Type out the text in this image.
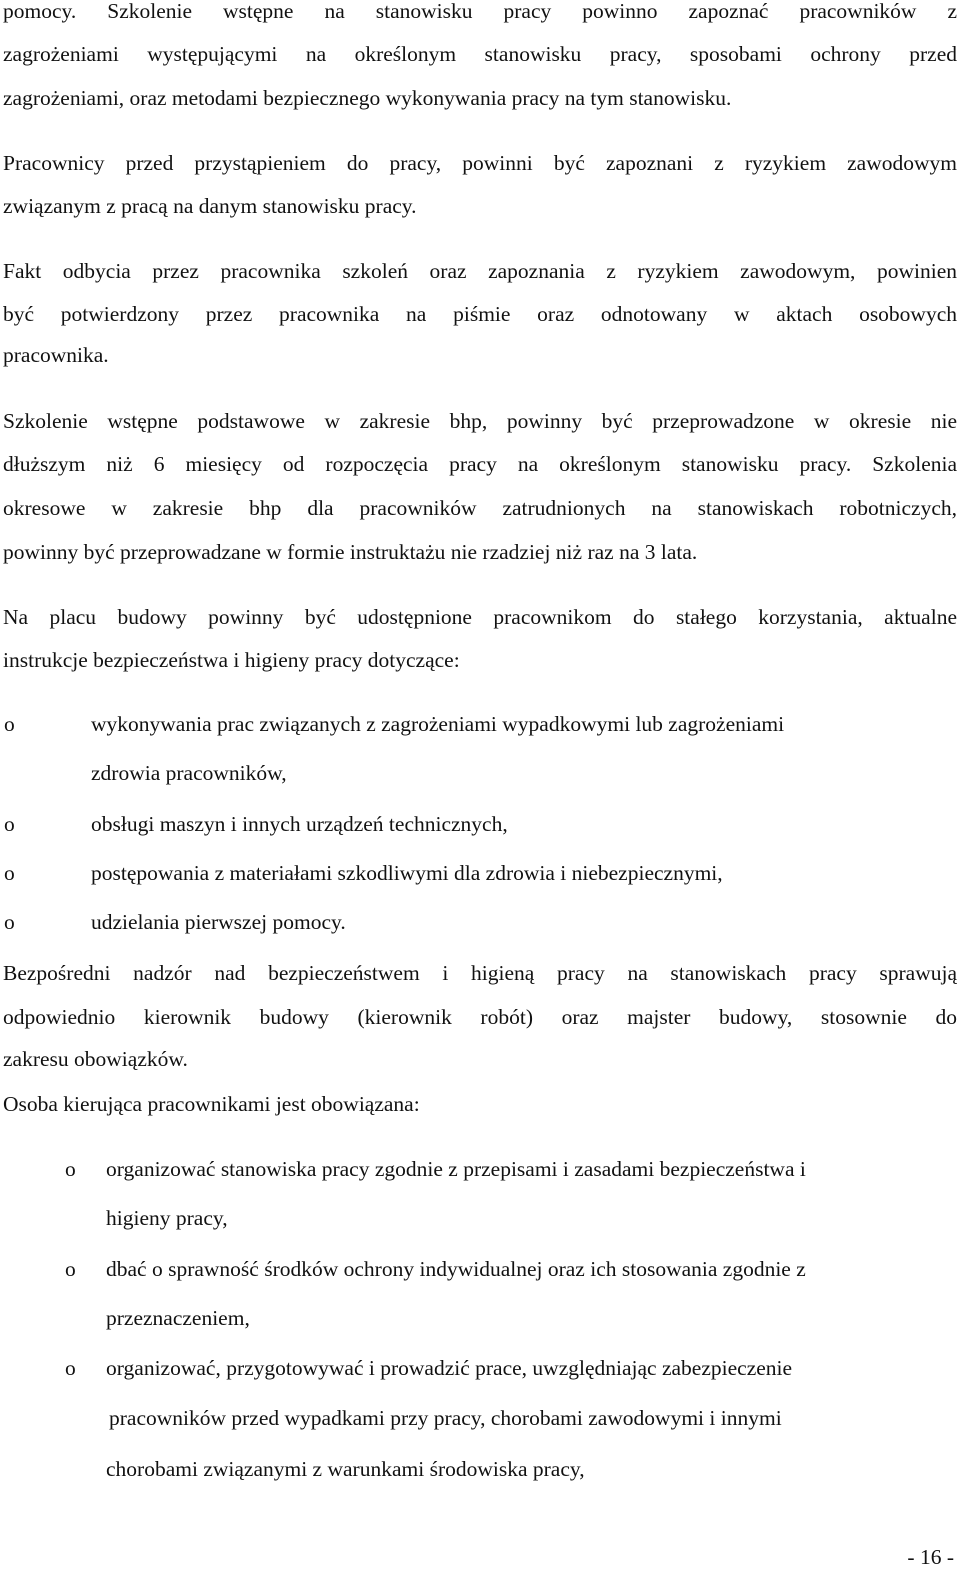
pomocy. Szkolenie wstępne na stanowisku pracy powinno zapoznać pracowników z
zagrożeniami występującymi na określonym stanowisku pracy, sposobami ochrony przed
zagrożeniami, oraz metodami bezpiecznego wykonywania pracy na tym stanowisku.
Pracownicy przed przystąpieniem do pracy, powinni być zapoznani z ryzykiem zawodowym
związanym z pracą na danym stanowisku pracy.
Fakt odbycia przez pracownika szkoleń oraz zapoznania z ryzykiem zawodowym, powinien
być potwierdzony przez pracownika na piśmie oraz odnotowany w aktach osobowych
pracownika.
Szkolenie wstępne podstawowe w zakresie bhp, powinny być przeprowadzone w okresie nie
dłuższym niż 6 miesięcy od rozpoczęcia pracy na określonym stanowisku pracy. Szkolenia
okresowe w zakresie bhp dla pracowników zatrudnionych na stanowiskach robotniczych,
powinny być przeprowadzane w formie instruktażu nie rzadziej niż raz na 3 lata.
Na placu budowy powinny być udostępnione pracownikom do stałego korzystania, aktualne
instrukcje bezpieczeństwa i higieny pracy dotyczące:
o	wykonywania prac związanych z zagrożeniami wypadkowymi lub zagrożeniami
zdrowia pracowników,
o	obsługi maszyn i innych urządzeń technicznych,
o	postępowania z materiałami szkodliwymi dla zdrowia i niebezpiecznymi,
o	udzielania pierwszej pomocy.
Bezpośredni nadzór nad bezpieczeństwem i higieną pracy na stanowiskach pracy sprawują
odpowiednio kierownik budowy (kierownik robót) oraz majster budowy, stosownie do
zakresu obowiązków.
Osoba kierująca pracownikami jest obowiązana:
o organizować stanowiska pracy zgodnie z przepisami i zasadami bezpieczeństwa i
higieny pracy,
o dbać o sprawność środków ochrony indywidualnej oraz ich stosowania zgodnie z
przeznaczeniem,
o organizować, przygotowywać i prowadzić prace, uwzględniając zabezpieczenie
pracowników przed wypadkami przy pracy, chorobami zawodowymi i innymi
chorobami związanymi z warunkami środowiska pracy,
- 16 -
